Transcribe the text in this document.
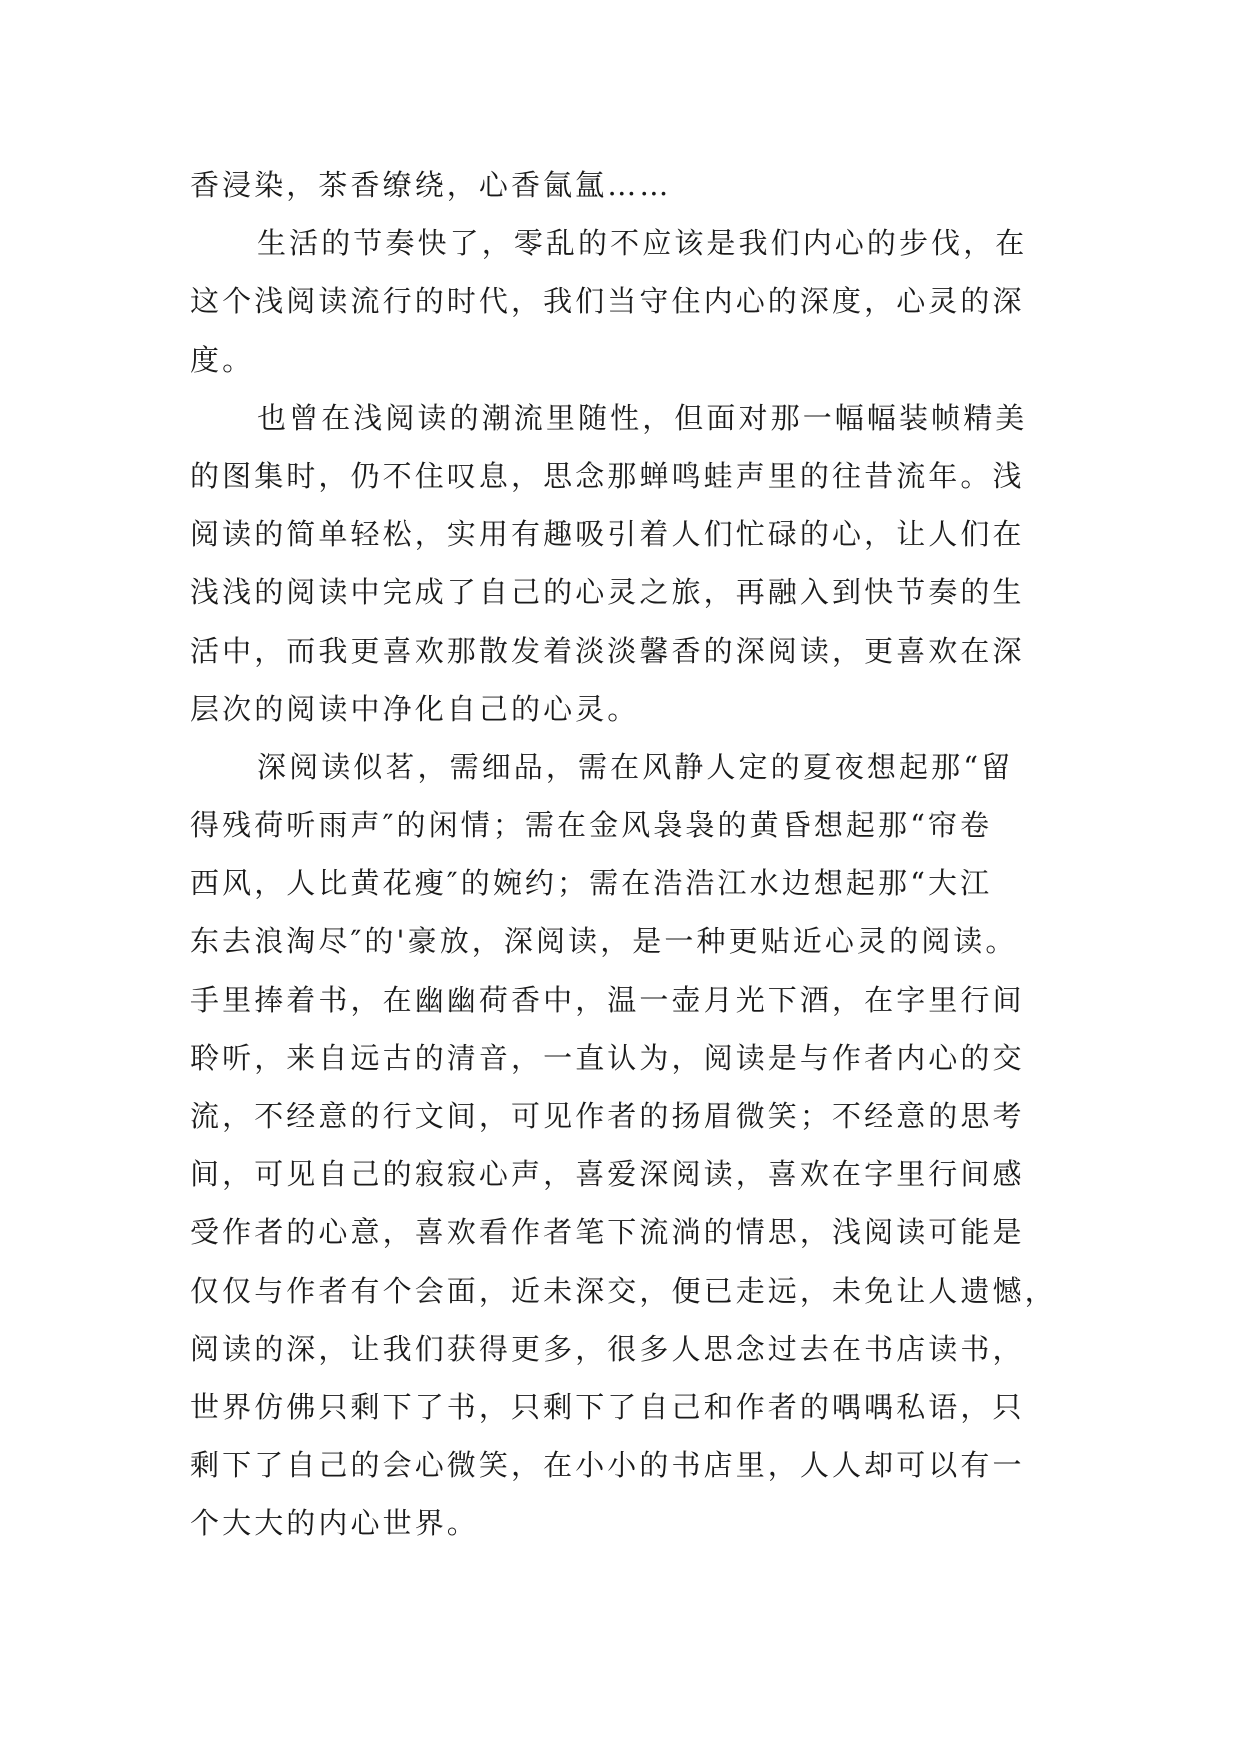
香浸染，茶香缭绕，心香氤氲……
生活的节奏快了，零乱的不应该是我们内心的步伐，在
这个浅阅读流行的时代，我们当守住内心的深度，心灵的深
度。
也曾在浅阅读的潮流里随性，但面对那一幅幅装帧精美
的图集时，仍不住叹息，思念那蝉鸣蛙声里的往昔流年。浅
阅读的简单轻松，实用有趣吸引着人们忙碌的心，让人们在
浅浅的阅读中完成了自己的心灵之旅，再融入到快节奏的生
活中，而我更喜欢那散发着淡淡馨香的深阅读，更喜欢在深
层次的阅读中净化自己的心灵。
深阅读似茗，需细品，需在风静人定的夏夜想起那“留
得残荷听雨声″的闲情；需在金风袅袅的黄昏想起那“帘卷
西风，人比黄花瘦″的婉约；需在浩浩江水边想起那“大江
东去浪淘尽″的'豪放，深阅读，是一种更贴近心灵的阅读。
手里捧着书，在幽幽荷香中，温一壶月光下酒，在字里行间
聆听，来自远古的清音，一直认为，阅读是与作者内心的交
流，不经意的行文间，可见作者的扬眉微笑；不经意的思考
间，可见自己的寂寂心声，喜爱深阅读，喜欢在字里行间感
受作者的心意，喜欢看作者笔下流淌的情思，浅阅读可能是
仅仅与作者有个会面，近未深交，便已走远，未免让人遗憾，
阅读的深，让我们获得更多，很多人思念过去在书店读书，
世界仿佛只剩下了书，只剩下了自己和作者的喁喁私语，只
剩下了自己的会心微笑，在小小的书店里，人人却可以有一
个大大的内心世界。
